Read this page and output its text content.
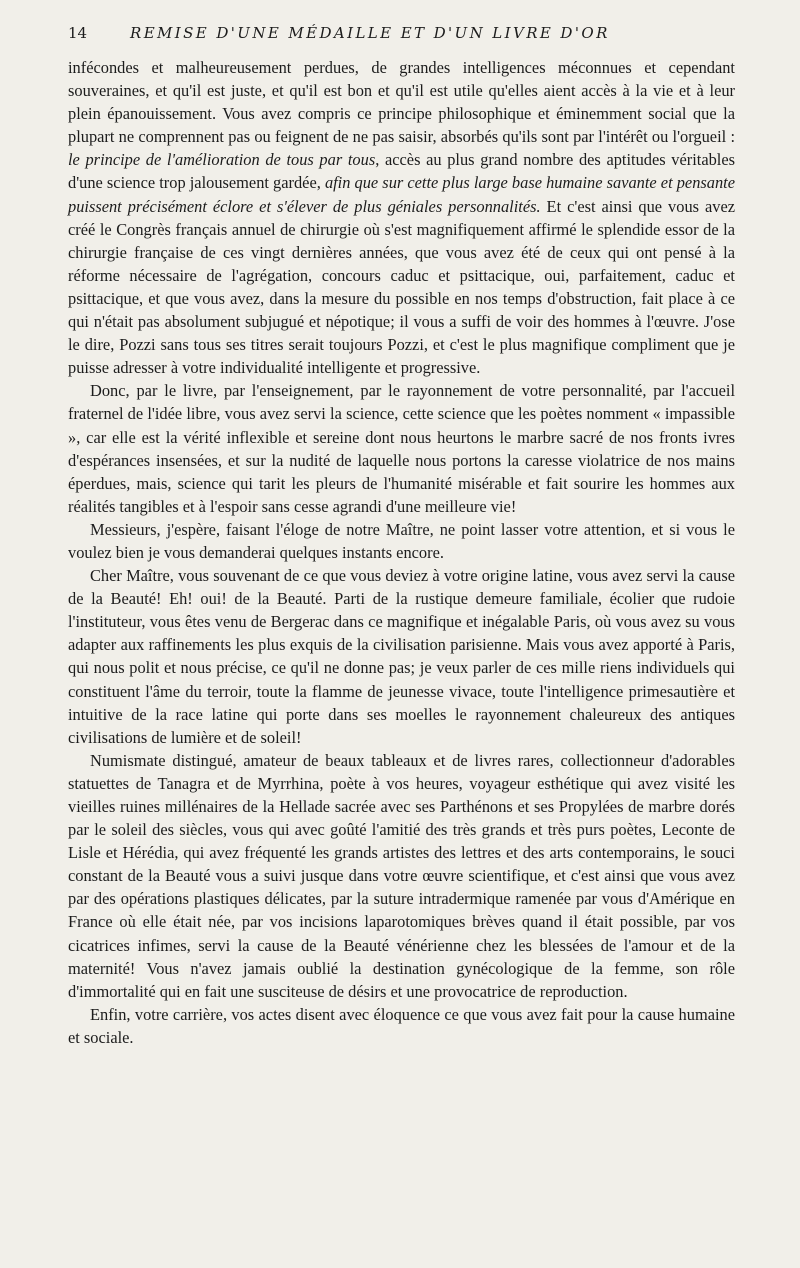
14	REMISE D'UNE MÉDAILLE ET D'UN LIVRE D'OR

infécondes et malheureusement perdues, de grandes intelligences méconnues et cependant souveraines, et qu'il est juste, et qu'il est bon et qu'il est utile qu'elles aient accès à la vie et à leur plein épanouissement. Vous avez compris ce principe philosophique et éminemment social que la plupart ne comprennent pas ou feignent de ne pas saisir, absorbés qu'ils sont par l'intérêt ou l'orgueil : le principe de l'amélioration de tous par tous, accès au plus grand nombre des aptitudes véritables d'une science trop jalousement gardée, afin que sur cette plus large base humaine savante et pensante puissent précisément éclore et s'élever de plus géniales personnalités. Et c'est ainsi que vous avez créé le Congrès français annuel de chirurgie où s'est magnifiquement affirmé le splendide essor de la chirurgie française de ces vingt dernières années, que vous avez été de ceux qui ont pensé à la réforme nécessaire de l'agrégation, concours caduc et psittacique, oui, parfaitement, caduc et psittacique, et que vous avez, dans la mesure du possible en nos temps d'obstruction, fait place à ce qui n'était pas absolument subjugué et népotique; il vous a suffi de voir des hommes à l'œuvre. J'ose le dire, Pozzi sans tous ses titres serait toujours Pozzi, et c'est le plus magnifique compliment que je puisse adresser à votre individualité intelligente et progressive.

Donc, par le livre, par l'enseignement, par le rayonnement de votre personnalité, par l'accueil fraternel de l'idée libre, vous avez servi la science, cette science que les poètes nomment « impassible », car elle est la vérité inflexible et sereine dont nous heurtons le marbre sacré de nos fronts ivres d'espérances insensées, et sur la nudité de laquelle nous portons la caresse violatrice de nos mains éperdues, mais, science qui tarit les pleurs de l'humanité misérable et fait sourire les hommes aux réalités tangibles et à l'espoir sans cesse agrandi d'une meilleure vie!

Messieurs, j'espère, faisant l'éloge de notre Maître, ne point lasser votre attention, et si vous le voulez bien je vous demanderai quelques instants encore.

Cher Maître, vous souvenant de ce que vous deviez à votre origine latine, vous avez servi la cause de la Beauté! Eh! oui! de la Beauté. Parti de la rustique demeure familiale, écolier que rudoie l'instituteur, vous êtes venu de Bergerac dans ce magnifique et inégalable Paris, où vous avez su vous adapter aux raffinements les plus exquis de la civilisation parisienne. Mais vous avez apporté à Paris, qui nous polit et nous précise, ce qu'il ne donne pas; je veux parler de ces mille riens individuels qui constituent l'âme du terroir, toute la flamme de jeunesse vivace, toute l'intelligence primesautière et intuitive de la race latine qui porte dans ses moelles le rayonnement chaleureux des antiques civilisations de lumière et de soleil!

Numismate distingué, amateur de beaux tableaux et de livres rares, collectionneur d'adorables statuettes de Tanagra et de Myrrhina, poète à vos heures, voyageur esthétique qui avez visité les vieilles ruines millénaires de la Hellade sacrée avec ses Parthénons et ses Propylées de marbre dorés par le soleil des siècles, vous qui avec goûté l'amitié des très grands et très purs poètes, Leconte de Lisle et Hérédia, qui avez fréquenté les grands artistes des lettres et des arts contemporains, le souci constant de la Beauté vous a suivi jusque dans votre œuvre scientifique, et c'est ainsi que vous avez par des opérations plastiques délicates, par la suture intradermique ramenée par vous d'Amérique en France où elle était née, par vos incisions laparotomiques brèves quand il était possible, par vos cicatrices infimes, servi la cause de la Beauté vénérienne chez les blessées de l'amour et de la maternité! Vous n'avez jamais oublié la destination gynécologique de la femme, son rôle d'immortalité qui en fait une susciteuse de désirs et une provocatrice de reproduction.

Enfin, votre carrière, vos actes disent avec éloquence ce que vous avez fait pour la cause humaine et sociale.
